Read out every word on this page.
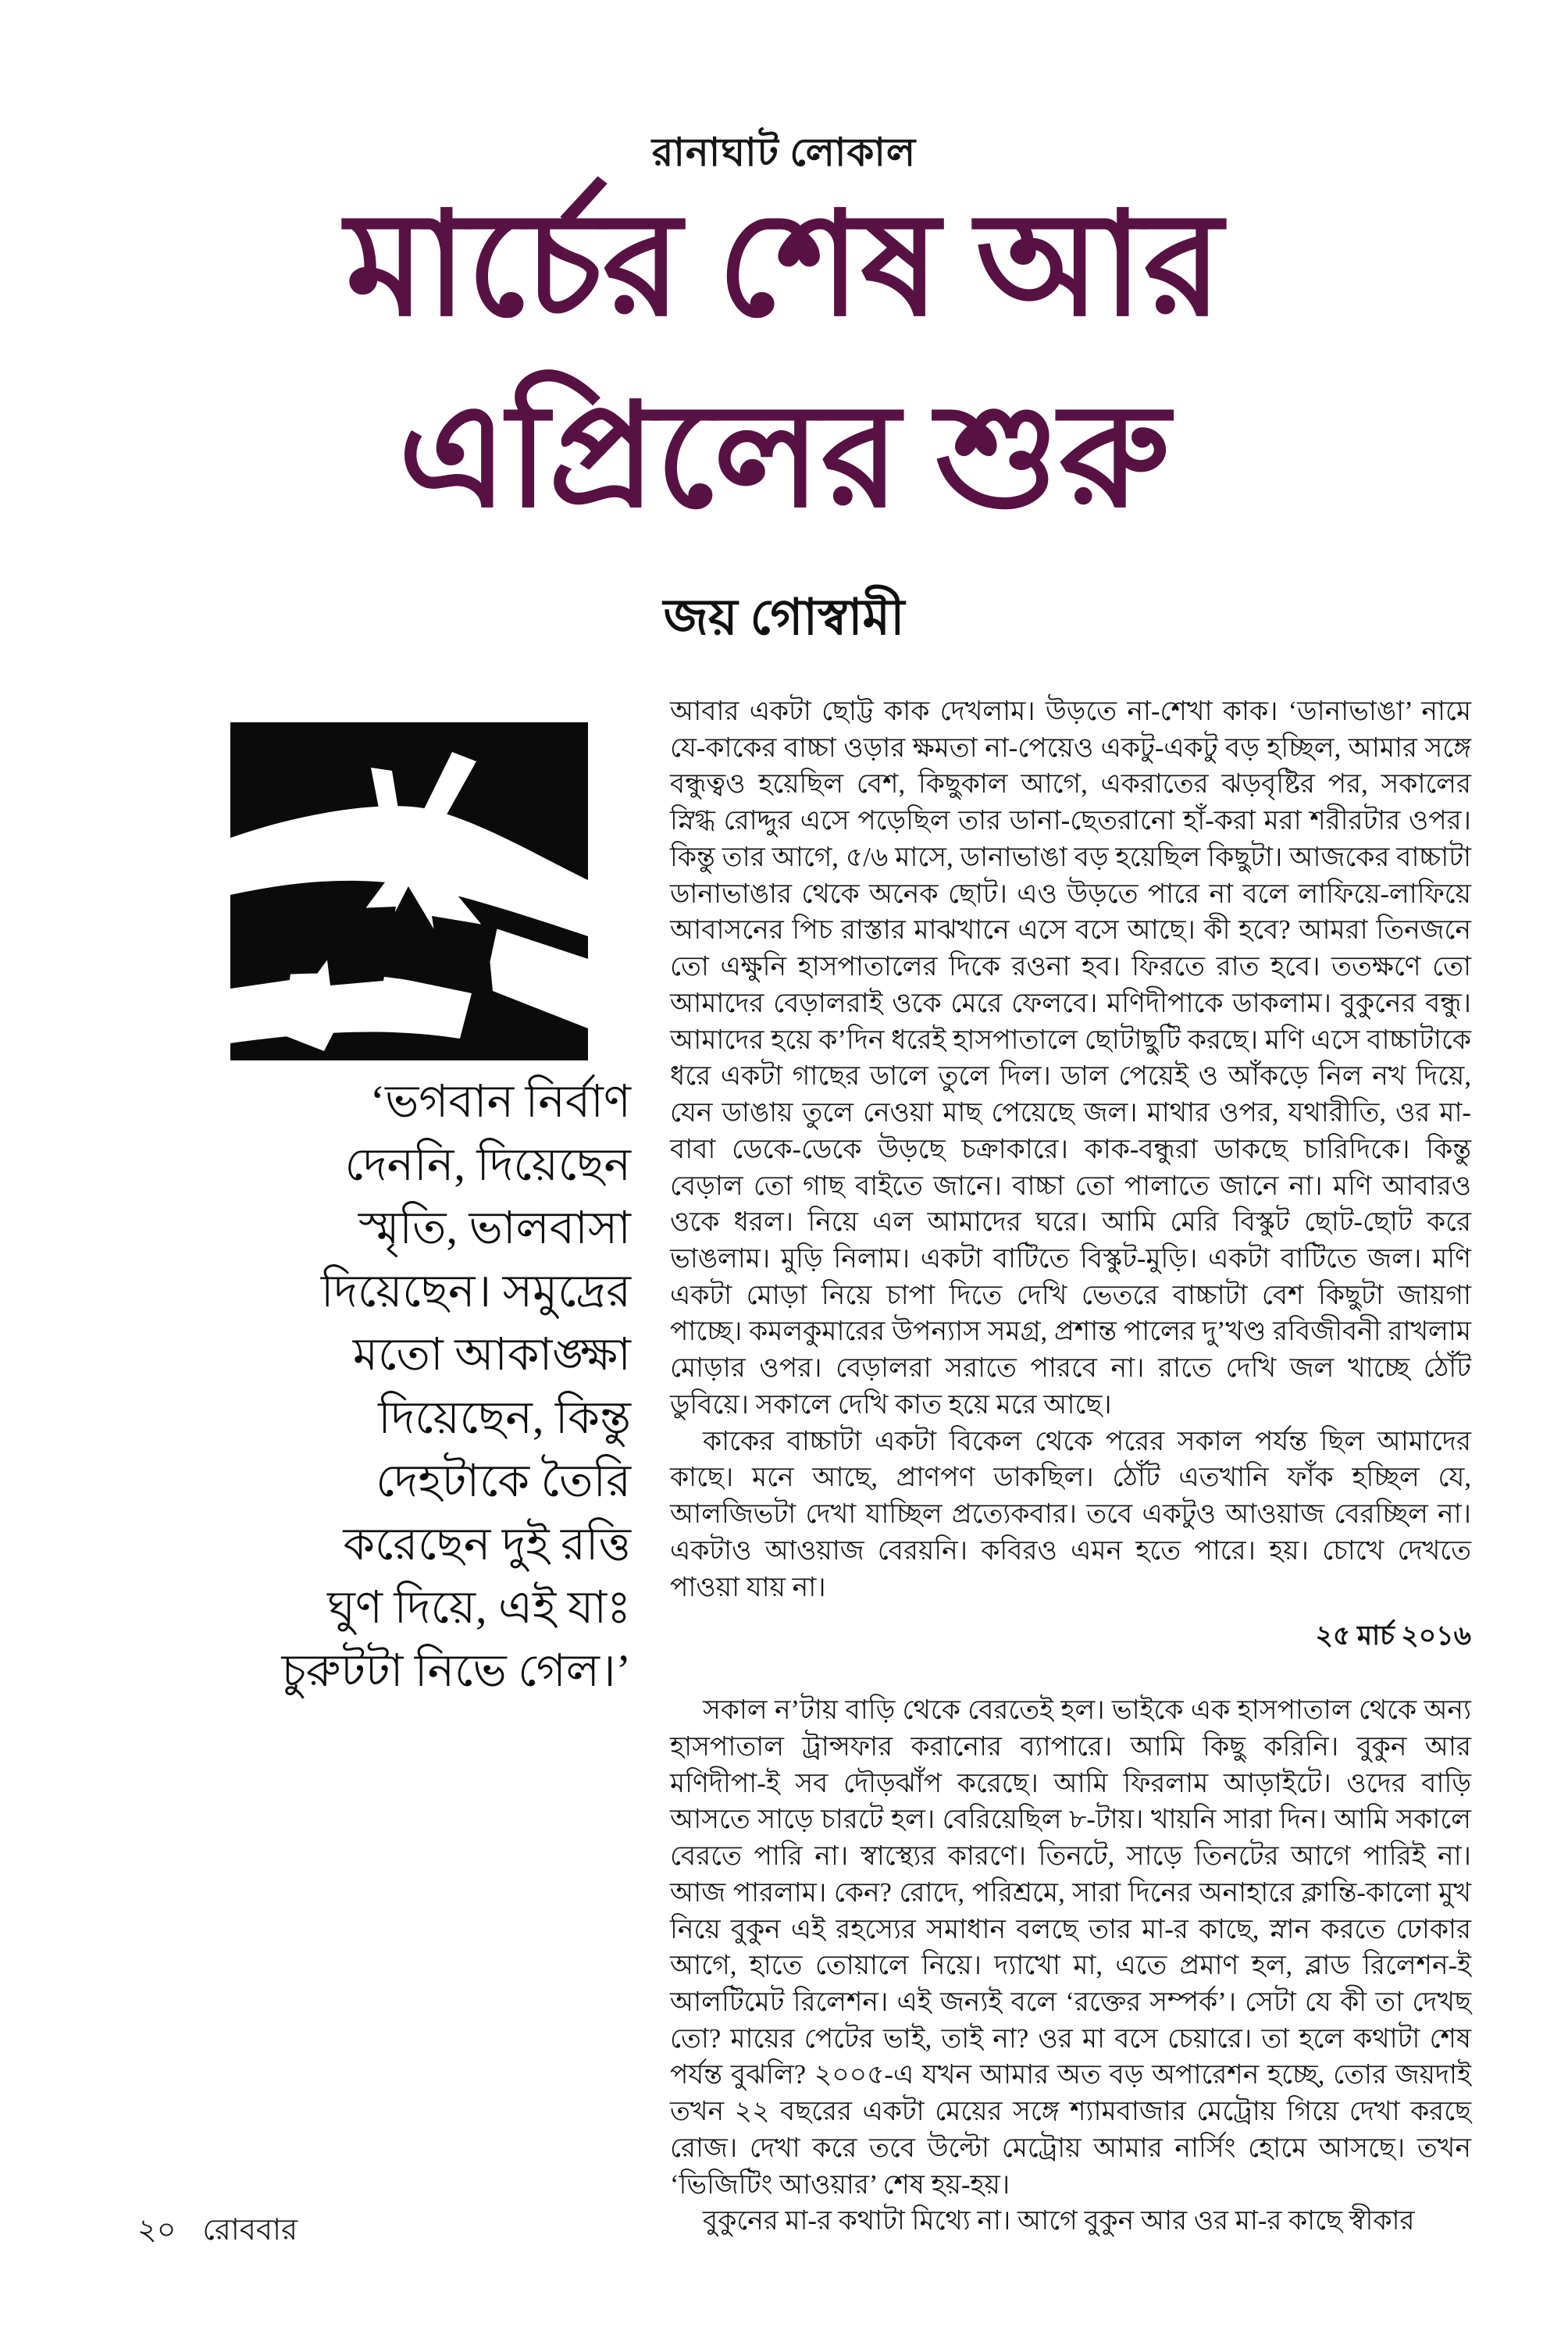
রানাঘাট লোকাল
মার্চের শেষ আর
এপ্রিলের শুরু
জয় গোস্বামী
‘ভগবান নির্বাণ
দেননি, দিয়েছেন
স্মৃতি, ভালবাসা
দিয়েছেন। সমুদ্রের
মতো আকাঙ্ক্ষা
দিয়েছেন, কিন্তু
দেহটাকে তৈরি
করেছেন দুই রত্তি
ঘুণ দিয়ে, এই যাঃ
চুরুটটা নিভে গেল।’

আবার একটা ছোট্ট কাক দেখলাম। উড়তে না-শেখা কাক। ‘ডানাভাঙা’ নামে যে-কাকের বাচ্চা ওড়ার ক্ষমতা না-পেয়েও একটু-একটু বড় হচ্ছিল, আমার সঙ্গে বন্ধুত্বও হয়েছিল বেশ, কিছুকাল আগে, একরাতের ঝড়বৃষ্টির পর, সকালের স্নিগ্ধ রোদ্দুর এসে পড়েছিল তার ডানা-ছেতরানো হাঁ-করা মরা শরীরটার ওপর। কিন্তু তার আগে, ৫/৬ মাসে, ডানাভাঙা বড় হয়েছিল কিছুটা। আজকের বাচ্চাটা ডানাভাঙার থেকে অনেক ছোট। এও উড়তে পারে না বলে লাফিয়ে-লাফিয়ে আবাসনের পিচ রাস্তার মাঝখানে এসে বসে আছে। কী হবে? আমরা তিনজনে তো এক্ষুনি হাসপাতালের দিকে রওনা হব। ফিরতে রাত হবে। ততক্ষণে তো আমাদের বেড়ালরাই ওকে মেরে ফেলবে। মণিদীপাকে ডাকলাম। বুকুনের বন্ধু। আমাদের হয়ে ক’দিন ধরেই হাসপাতালে ছোটাছুটি করছে। মণি এসে বাচ্চাটাকে ধরে একটা গাছের ডালে তুলে দিল। ডাল পেয়েই ও আঁকড়ে নিল নখ দিয়ে, যেন ডাঙায় তুলে নেওয়া মাছ পেয়েছে জল। মাথার ওপর, যথারীতি, ওর মা-বাবা ডেকে-ডেকে উড়ছে চক্রাকারে। কাক-বন্ধুরা ডাকছে চারিদিকে। কিন্তু বেড়াল তো গাছ বাইতে জানে। বাচ্চা তো পালাতে জানে না। মণি আবারও ওকে ধরল। নিয়ে এল আমাদের ঘরে। আমি মেরি বিস্কুট ছোট-ছোট করে ভাঙলাম। মুড়ি নিলাম। একটা বাটিতে বিস্কুট-মুড়ি। একটা বাটিতে জল। মণি একটা মোড়া নিয়ে চাপা দিতে দেখি ভেতরে বাচ্চাটা বেশ কিছুটা জায়গা পাচ্ছে। কমলকুমারের উপন্যাস সমগ্র, প্রশান্ত পালের দু’খণ্ড রবিজীবনী রাখলাম মোড়ার ওপর। বেড়ালরা সরাতে পারবে না। রাতে দেখি জল খাচ্ছে ঠোঁট ডুবিয়ে। সকালে দেখি কাত হয়ে মরে আছে।

কাকের বাচ্চাটা একটা বিকেল থেকে পরের সকাল পর্যন্ত ছিল আমাদের কাছে। মনে আছে, প্রাণপণ ডাকছিল। ঠোঁট এতখানি ফাঁক হচ্ছিল যে, আলজিভটা দেখা যাচ্ছিল প্রত্যেকবার। তবে একটুও আওয়াজ বেরচ্ছিল না। একটাও আওয়াজ বেরয়নি। কবিরও এমন হতে পারে। হয়। চোখে দেখতে পাওয়া যায় না।

২৫ মার্চ ২০১৬

সকাল ন’টায় বাড়ি থেকে বেরতেই হল। ভাইকে এক হাসপাতাল থেকে অন্য হাসপাতাল ট্রান্সফার করানোর ব্যাপারে। আমি কিছু করিনি। বুকুন আর মণিদীপা-ই সব দৌড়ঝাঁপ করেছে। আমি ফিরলাম আড়াইটে। ওদের বাড়ি আসতে সাড়ে চারটে হল। বেরিয়েছিল ৮-টায়। খায়নি সারা দিন। আমি সকালে বেরতে পারি না। স্বাস্থ্যের কারণে। তিনটে, সাড়ে তিনটের আগে পারিই না। আজ পারলাম। কেন? রোদে, পরিশ্রমে, সারা দিনের অনাহারে ক্লান্তি-কালো মুখ নিয়ে বুকুন এই রহস্যের সমাধান বলছে তার মা-র কাছে, স্নান করতে ঢোকার আগে, হাতে তোয়ালে নিয়ে। দ্যাখো মা, এতে প্রমাণ হল, ব্লাড রিলেশন-ই আলটিমেট রিলেশন। এই জন্যই বলে ‘রক্তের সম্পর্ক’। সেটা যে কী তা দেখছ তো? মায়ের পেটের ভাই, তাই না? ওর মা বসে চেয়ারে। তা হলে কথাটা শেষ পর্যন্ত বুঝলি? ২০০৫-এ যখন আমার অত বড় অপারেশন হচ্ছে, তোর জয়দাই তখন ২২ বছরের একটা মেয়ের সঙ্গে শ্যামবাজার মেট্রোয় গিয়ে দেখা করছে রোজ। দেখা করে তবে উল্টো মেট্রোয় আমার নার্সিং হোমে আসছে। তখন ‘ভিজিটিং আওয়ার’ শেষ হয়-হয়।

বুকুনের মা-র কথাটা মিথ্যে না। আগে বুকুন আর ওর মা-র কাছে স্বীকার

২০ রোববার
